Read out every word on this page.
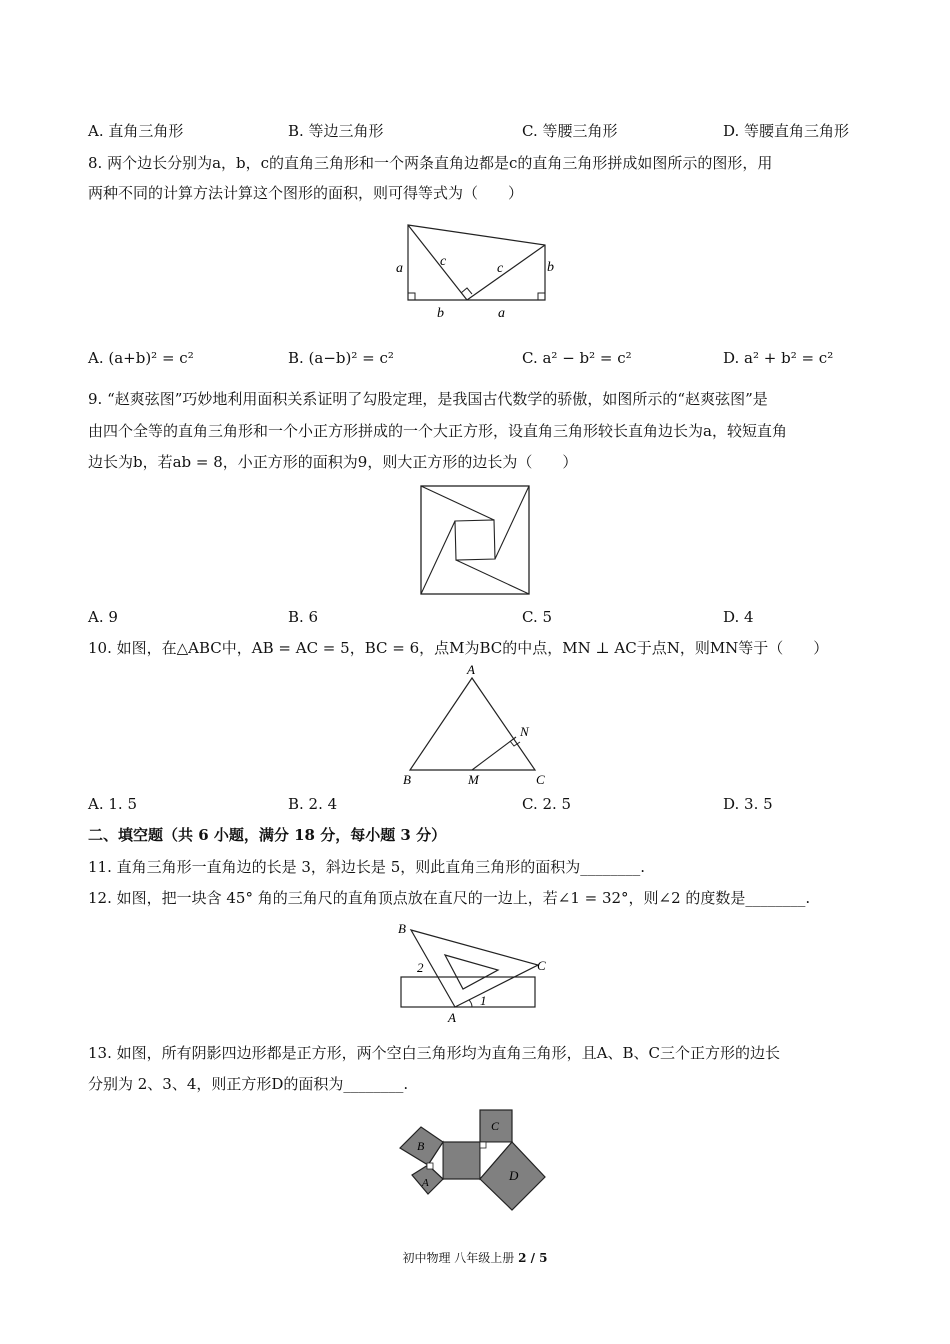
A. 直角三角形	B. 等边三角形	C. 等腰三角形	D. 等腰直角三角形
8. 两个边长分别为a，b，c的直角三角形和一个两条直角边都是c的直角三角形拼成如图所示的图形，用
两种不同的计算方法计算这个图形的面积，则可得等式为（　　）
a	c	c	b
b	a
A. (a+b)² = c²	B. (a−b)² = c²	C. a² − b² = c²	D. a² + b² = c²
9. “赵爽弦图”巧妙地利用面积关系证明了勾股定理，是我国古代数学的骄傲，如图所示的“赵爽弦图”是
由四个全等的直角三角形和一个小正方形拼成的一个大正方形，设直角三角形较长直角边长为a，较短直角
边长为b，若ab = 8，小正方形的面积为9，则大正方形的边长为（　　）
A. 9	B. 6	C. 5	D. 4
10. 如图，在△ABC中，AB = AC = 5，BC = 6，点M为BC的中点，MN ⊥ AC于点N，则MN等于（　　）
A
B	C
M
N
A. 1. 5	B. 2. 4	C. 2. 5	D. 3. 5
二、填空题（共 6 小题，满分 18 分，每小题 3 分）
11. 直角三角形一直角边的长是 3，斜边长是 5，则此直角三角形的面积为________.
12. 如图，把一块含 45° 角的三角尺的直角顶点放在直尺的一边上，若∠1 = 32°，则∠2 的度数是________.
B
C
A
1
2
13. 如图，所有阴影四边形都是正方形，两个空白三角形均为直角三角形，且A、B、C三个正方形的边长
分别为 2、3、4，则正方形D的面积为________.
B
A
C
D
初中物理 八年级上册 2 / 5
